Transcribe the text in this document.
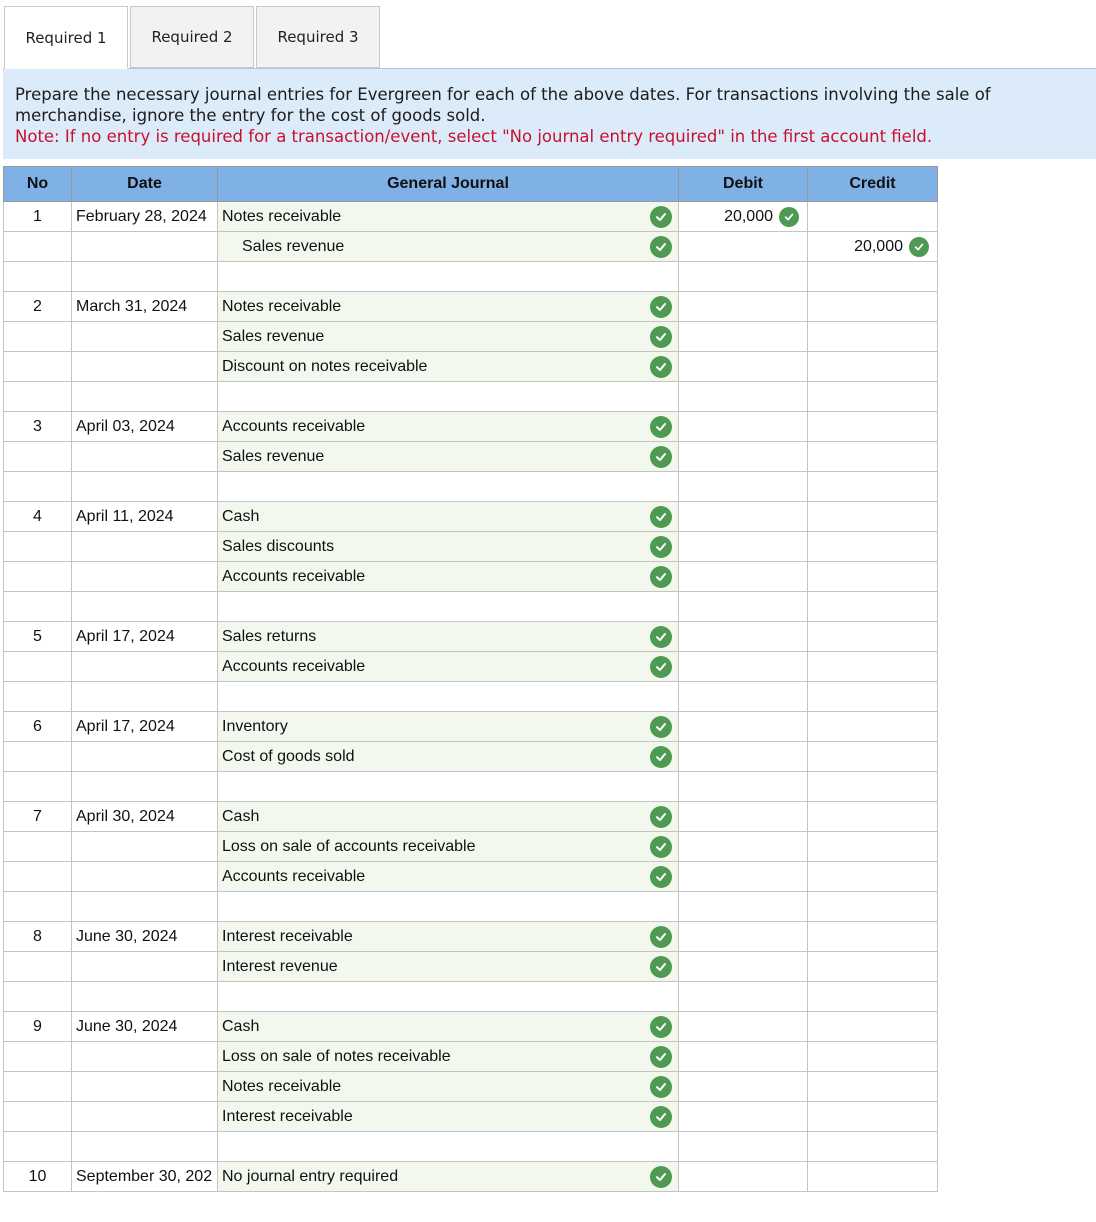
Required 1	Required 2	Required 3
Prepare the necessary journal entries for Evergreen for each of the above dates. For transactions involving the sale of merchandise, ignore the entry for the cost of goods sold.
Note: If no entry is required for a transaction/event, select "No journal entry required" in the first account field.
No	Date	General Journal	Debit	Credit
1	February 28, 2024	Notes receivable	20,000	

Sales revenue		20,000

2	March 31, 2024	Notes receivable		

Sales revenue		

Discount on notes receivable		

3	April 03, 2024	Accounts receivable		

Sales revenue		

4	April 11, 2024	Cash		

Sales discounts		

Accounts receivable		

5	April 17, 2024	Sales returns		

Accounts receivable		

6	April 17, 2024	Inventory		

Cost of goods sold		

7	April 30, 2024	Cash		

Loss on sale of accounts receivable		

Accounts receivable		

8	June 30, 2024	Interest receivable		

Interest revenue		

9	June 30, 2024	Cash		

Loss on sale of notes receivable		

Notes receivable		

Interest receivable		

10	September 30, 202	No journal entry required		
